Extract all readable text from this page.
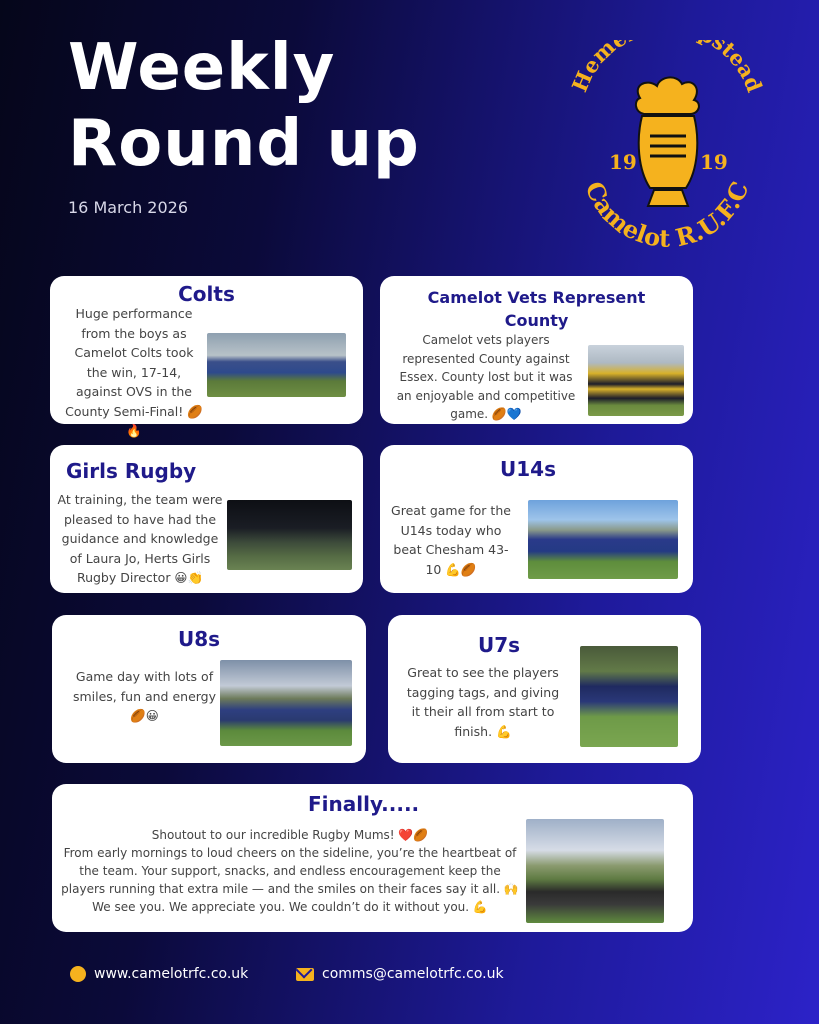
Weekly
Round up
16 March 2026
Hem stead
Camelot R.U.F.C
19	19
Colts

Huge performance from the boys as Camelot Colts took the win, 17-14, against OVS in the County Semi-Final! 🏉🔥

Camelot Vets Represent County

Camelot vets players represented County against Essex. County lost but it was an enjoyable and competitive game. 🏉💙

Girls Rugby

At training, the team were pleased to have had the guidance and knowledge of Laura Jo, Herts Girls Rugby Director 😀👏

U14s

Great game for the U14s today who beat Chesham 43-10 💪🏉

U8s

Game day with lots of smiles, fun and energy🏉😀

U7s

Great to see the players tagging tags, and giving it their all from start to finish. 💪

Finally.....
Shoutout to our incredible Rugby Mums! ❤️🏉
From early mornings to loud cheers on the sideline, you’re the heartbeat of
the team. Your support, snacks, and endless encouragement keep the
players running that extra mile — and the smiles on their faces say it all. 🙌
We see you. We appreciate you. We couldn’t do it without you. 💪
www.camelotrfc.co.uk	comms@camelotrfc.co.uk
